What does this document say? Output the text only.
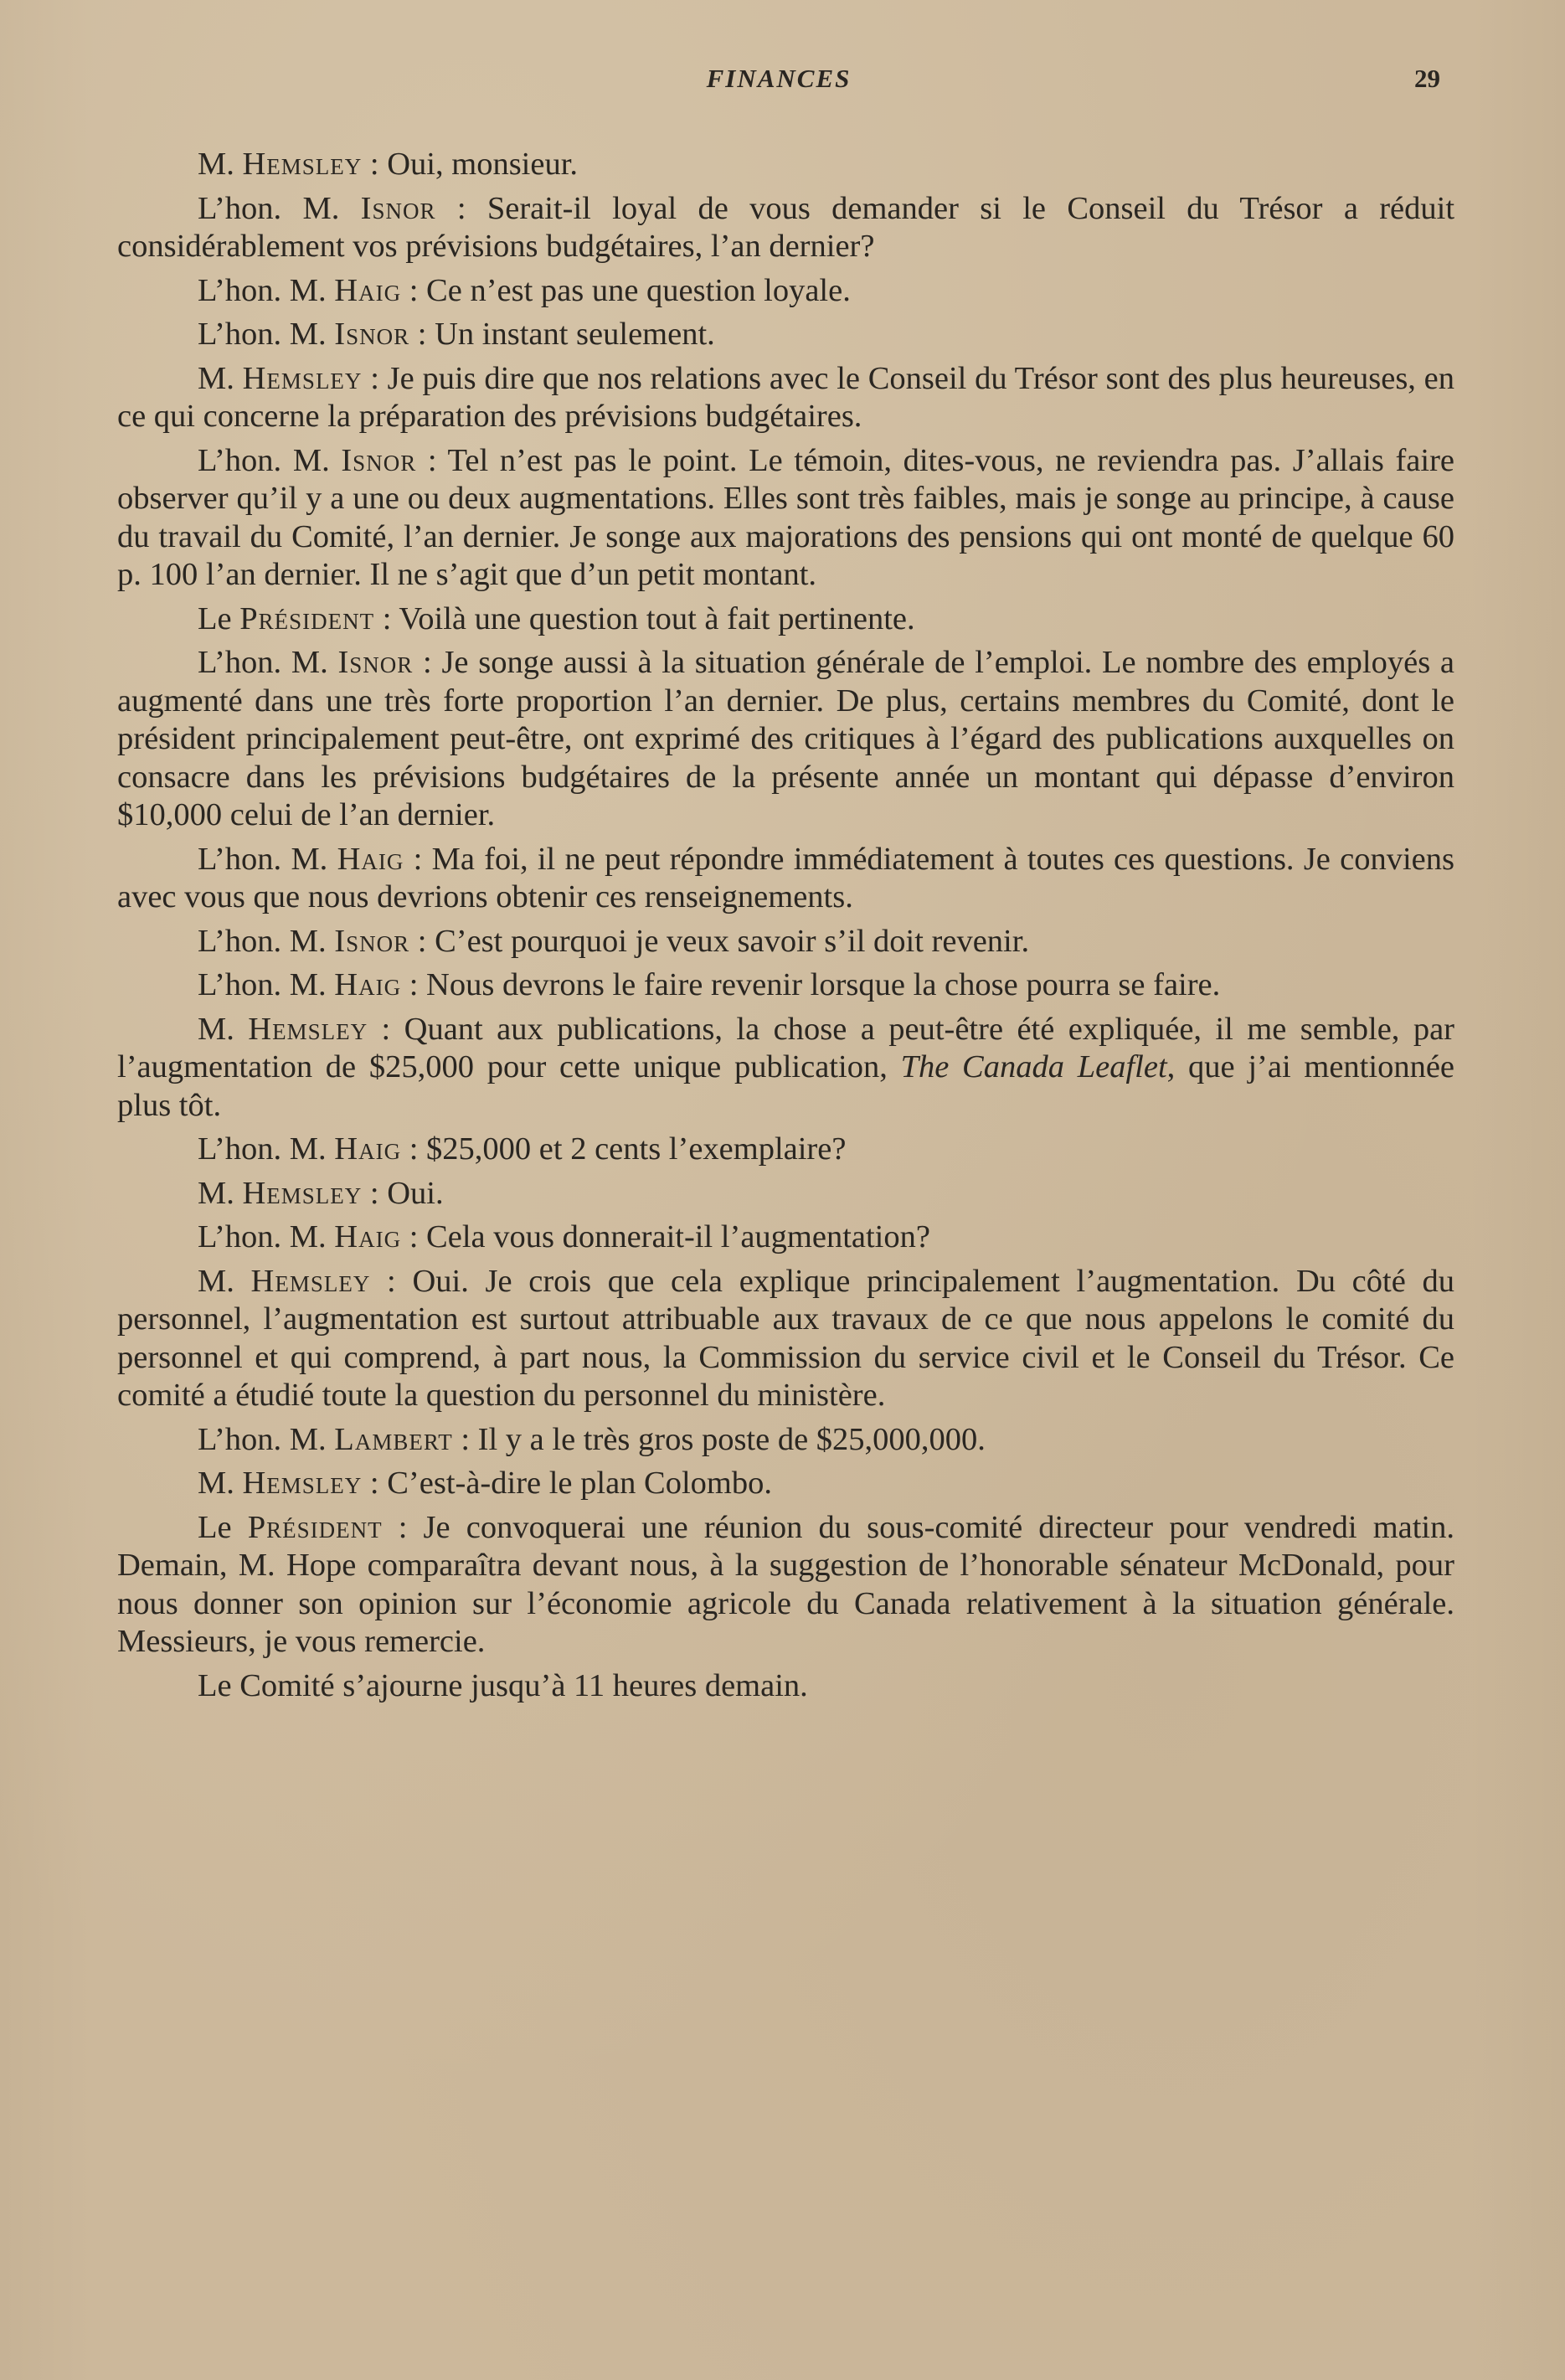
FINANCES	29

M. Hemsley : Oui, monsieur.

L’hon. M. Isnor : Serait-il loyal de vous demander si le Conseil du Trésor a réduit considérablement vos prévisions budgétaires, l’an dernier?

L’hon. M. Haig : Ce n’est pas une question loyale.

L’hon. M. Isnor : Un instant seulement.

M. Hemsley : Je puis dire que nos relations avec le Conseil du Trésor sont des plus heureuses, en ce qui concerne la préparation des prévisions budgétaires.

L’hon. M. Isnor : Tel n’est pas le point. Le témoin, dites-vous, ne reviendra pas. J’allais faire observer qu’il y a une ou deux augmentations. Elles sont très faibles, mais je songe au principe, à cause du travail du Comité, l’an dernier. Je songe aux majorations des pensions qui ont monté de quelque 60 p. 100 l’an dernier. Il ne s’agit que d’un petit montant.

Le Président : Voilà une question tout à fait pertinente.

L’hon. M. Isnor : Je songe aussi à la situation générale de l’emploi. Le nombre des employés a augmenté dans une très forte proportion l’an dernier. De plus, certains membres du Comité, dont le président principalement peut-être, ont exprimé des critiques à l’égard des publications auxquelles on consacre dans les prévisions budgétaires de la présente année un montant qui dépasse d’environ $10,000 celui de l’an dernier.

L’hon. M. Haig : Ma foi, il ne peut répondre immédiatement à toutes ces questions. Je conviens avec vous que nous devrions obtenir ces renseignements.

L’hon. M. Isnor : C’est pourquoi je veux savoir s’il doit revenir.

L’hon. M. Haig : Nous devrons le faire revenir lorsque la chose pourra se faire.

M. Hemsley : Quant aux publications, la chose a peut-être été expliquée, il me semble, par l’augmentation de $25,000 pour cette unique publication, The Canada Leaflet, que j’ai mentionnée plus tôt.

L’hon. M. Haig : $25,000 et 2 cents l’exemplaire?

M. Hemsley : Oui.

L’hon. M. Haig : Cela vous donnerait-il l’augmentation?

M. Hemsley : Oui. Je crois que cela explique principalement l’augmentation. Du côté du personnel, l’augmentation est surtout attribuable aux travaux de ce que nous appelons le comité du personnel et qui comprend, à part nous, la Commission du service civil et le Conseil du Trésor. Ce comité a étudié toute la question du personnel du ministère.

L’hon. M. Lambert : Il y a le très gros poste de $25,000,000.

M. Hemsley : C’est-à-dire le plan Colombo.

Le Président : Je convoquerai une réunion du sous-comité directeur pour vendredi matin. Demain, M. Hope comparaîtra devant nous, à la suggestion de l’honorable sénateur McDonald, pour nous donner son opinion sur l’économie agricole du Canada relativement à la situation générale. Messieurs, je vous remercie.

Le Comité s’ajourne jusqu’à 11 heures demain.
